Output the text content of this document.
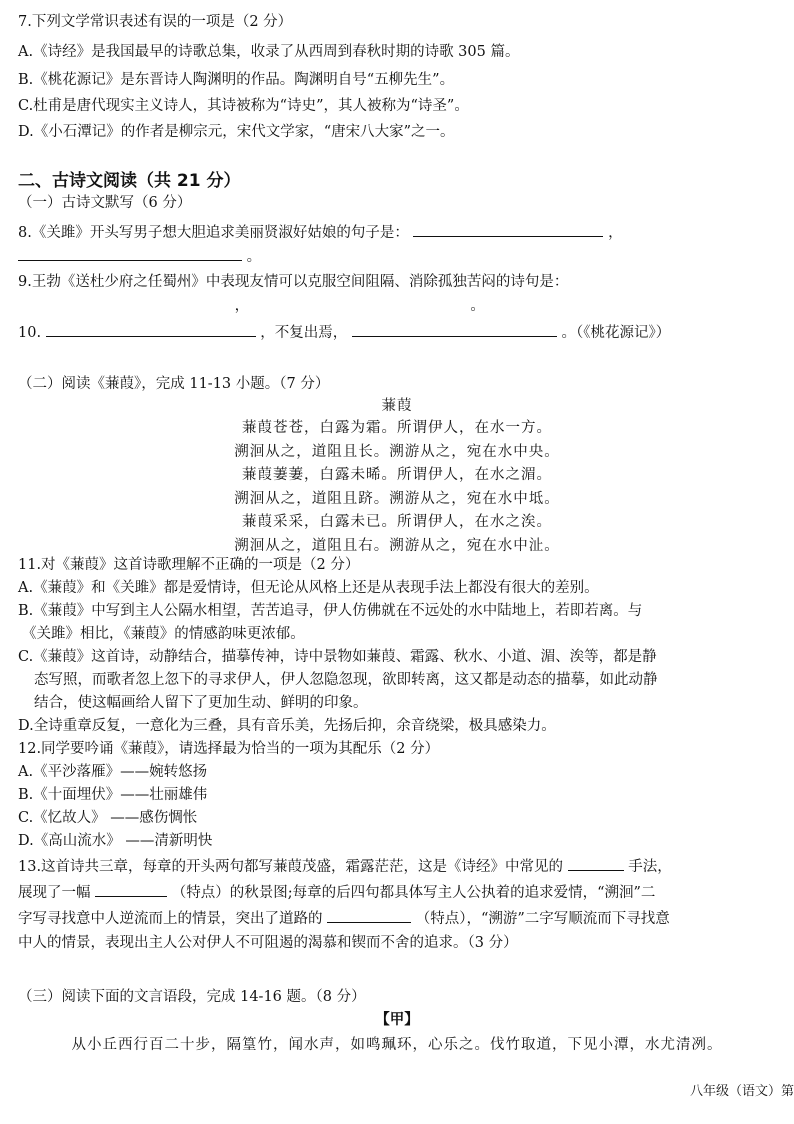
7.下列文学常识表述有误的一项是（2 分）
A.《诗经》是我国最早的诗歌总集，收录了从西周到春秋时期的诗歌 305 篇。
B.《桃花源记》是东晋诗人陶渊明的作品。陶渊明自号“五柳先生”。
C.杜甫是唐代现实主义诗人，其诗被称为“诗史”，其人被称为“诗圣”。
D.《小石潭记》的作者是柳宗元，宋代文学家，“唐宋八大家”之一。
二、古诗文阅读（共 21 分）
（一）古诗文默写（6 分）
8.《关雎》开头写男子想大胆追求美丽贤淑好姑娘的句子是：	，
。
9.王勃《送杜少府之任蜀州》中表现友情可以克服空间阻隔、消除孤独苦闷的诗句是：
，	。
10.	，不复出焉，	。（《桃花源记》）
（二）阅读《蒹葭》，完成 11-13 小题。（7 分）
蒹葭
蒹葭苍苍，白露为霜。所谓伊人，在水一方。
溯洄从之，道阻且长。溯游从之，宛在水中央。
蒹葭萋萋，白露未晞。所谓伊人，在水之湄。
溯洄从之，道阻且跻。溯游从之，宛在水中坻。
蒹葭采采，白露未已。所谓伊人，在水之涘。
溯洄从之，道阻且右。溯游从之，宛在水中沚。
11.对《蒹葭》这首诗歌理解不正确的一项是（2 分）
A.《蒹葭》和《关雎》都是爱情诗，但无论从风格上还是从表现手法上都没有很大的差别。
B.《蒹葭》中写到主人公隔水相望，苦苦追寻，伊人仿佛就在不远处的水中陆地上，若即若离。与
《关雎》相比，《蒹葭》的情感韵味更浓郁。
C.《蒹葭》这首诗，动静结合，描摹传神，诗中景物如蒹葭、霜露、秋水、小道、湄、涘等，都是静
态写照，而歌者忽上忽下的寻求伊人，伊人忽隐忽现，欲即转离，这又都是动态的描摹，如此动静
结合，使这幅画给人留下了更加生动、鲜明的印象。
D.全诗重章反复，一意化为三叠，具有音乐美，先扬后抑，余音绕梁，极具感染力。
12.同学要吟诵《蒹葭》，请选择最为恰当的一项为其配乐（2 分）
A.《平沙落雁》——婉转悠扬
B.《十面埋伏》——壮丽雄伟
C.《忆故人》 ——感伤惆怅
D.《高山流水》 ——清新明快
13.这首诗共三章，每章的开头两句都写蒹葭茂盛，霜露茫茫，这是《诗经》中常见的	手法，
展现了一幅	（特点）的秋景图;每章的后四句都具体写主人公执着的追求爱情，“溯洄”二
字写寻找意中人逆流而上的情景，突出了道路的	（特点），“溯游”二字写顺流而下寻找意
中人的情景，表现出主人公对伊人不可阻遏的渴慕和锲而不舍的追求。（3 分）
（三）阅读下面的文言语段，完成 14-16 题。（8 分）
【甲】
从小丘西行百二十步，隔篁竹，闻水声，如鸣珮环，心乐之。伐竹取道，下见小潭，水尤清冽。
八年级（语文）第
